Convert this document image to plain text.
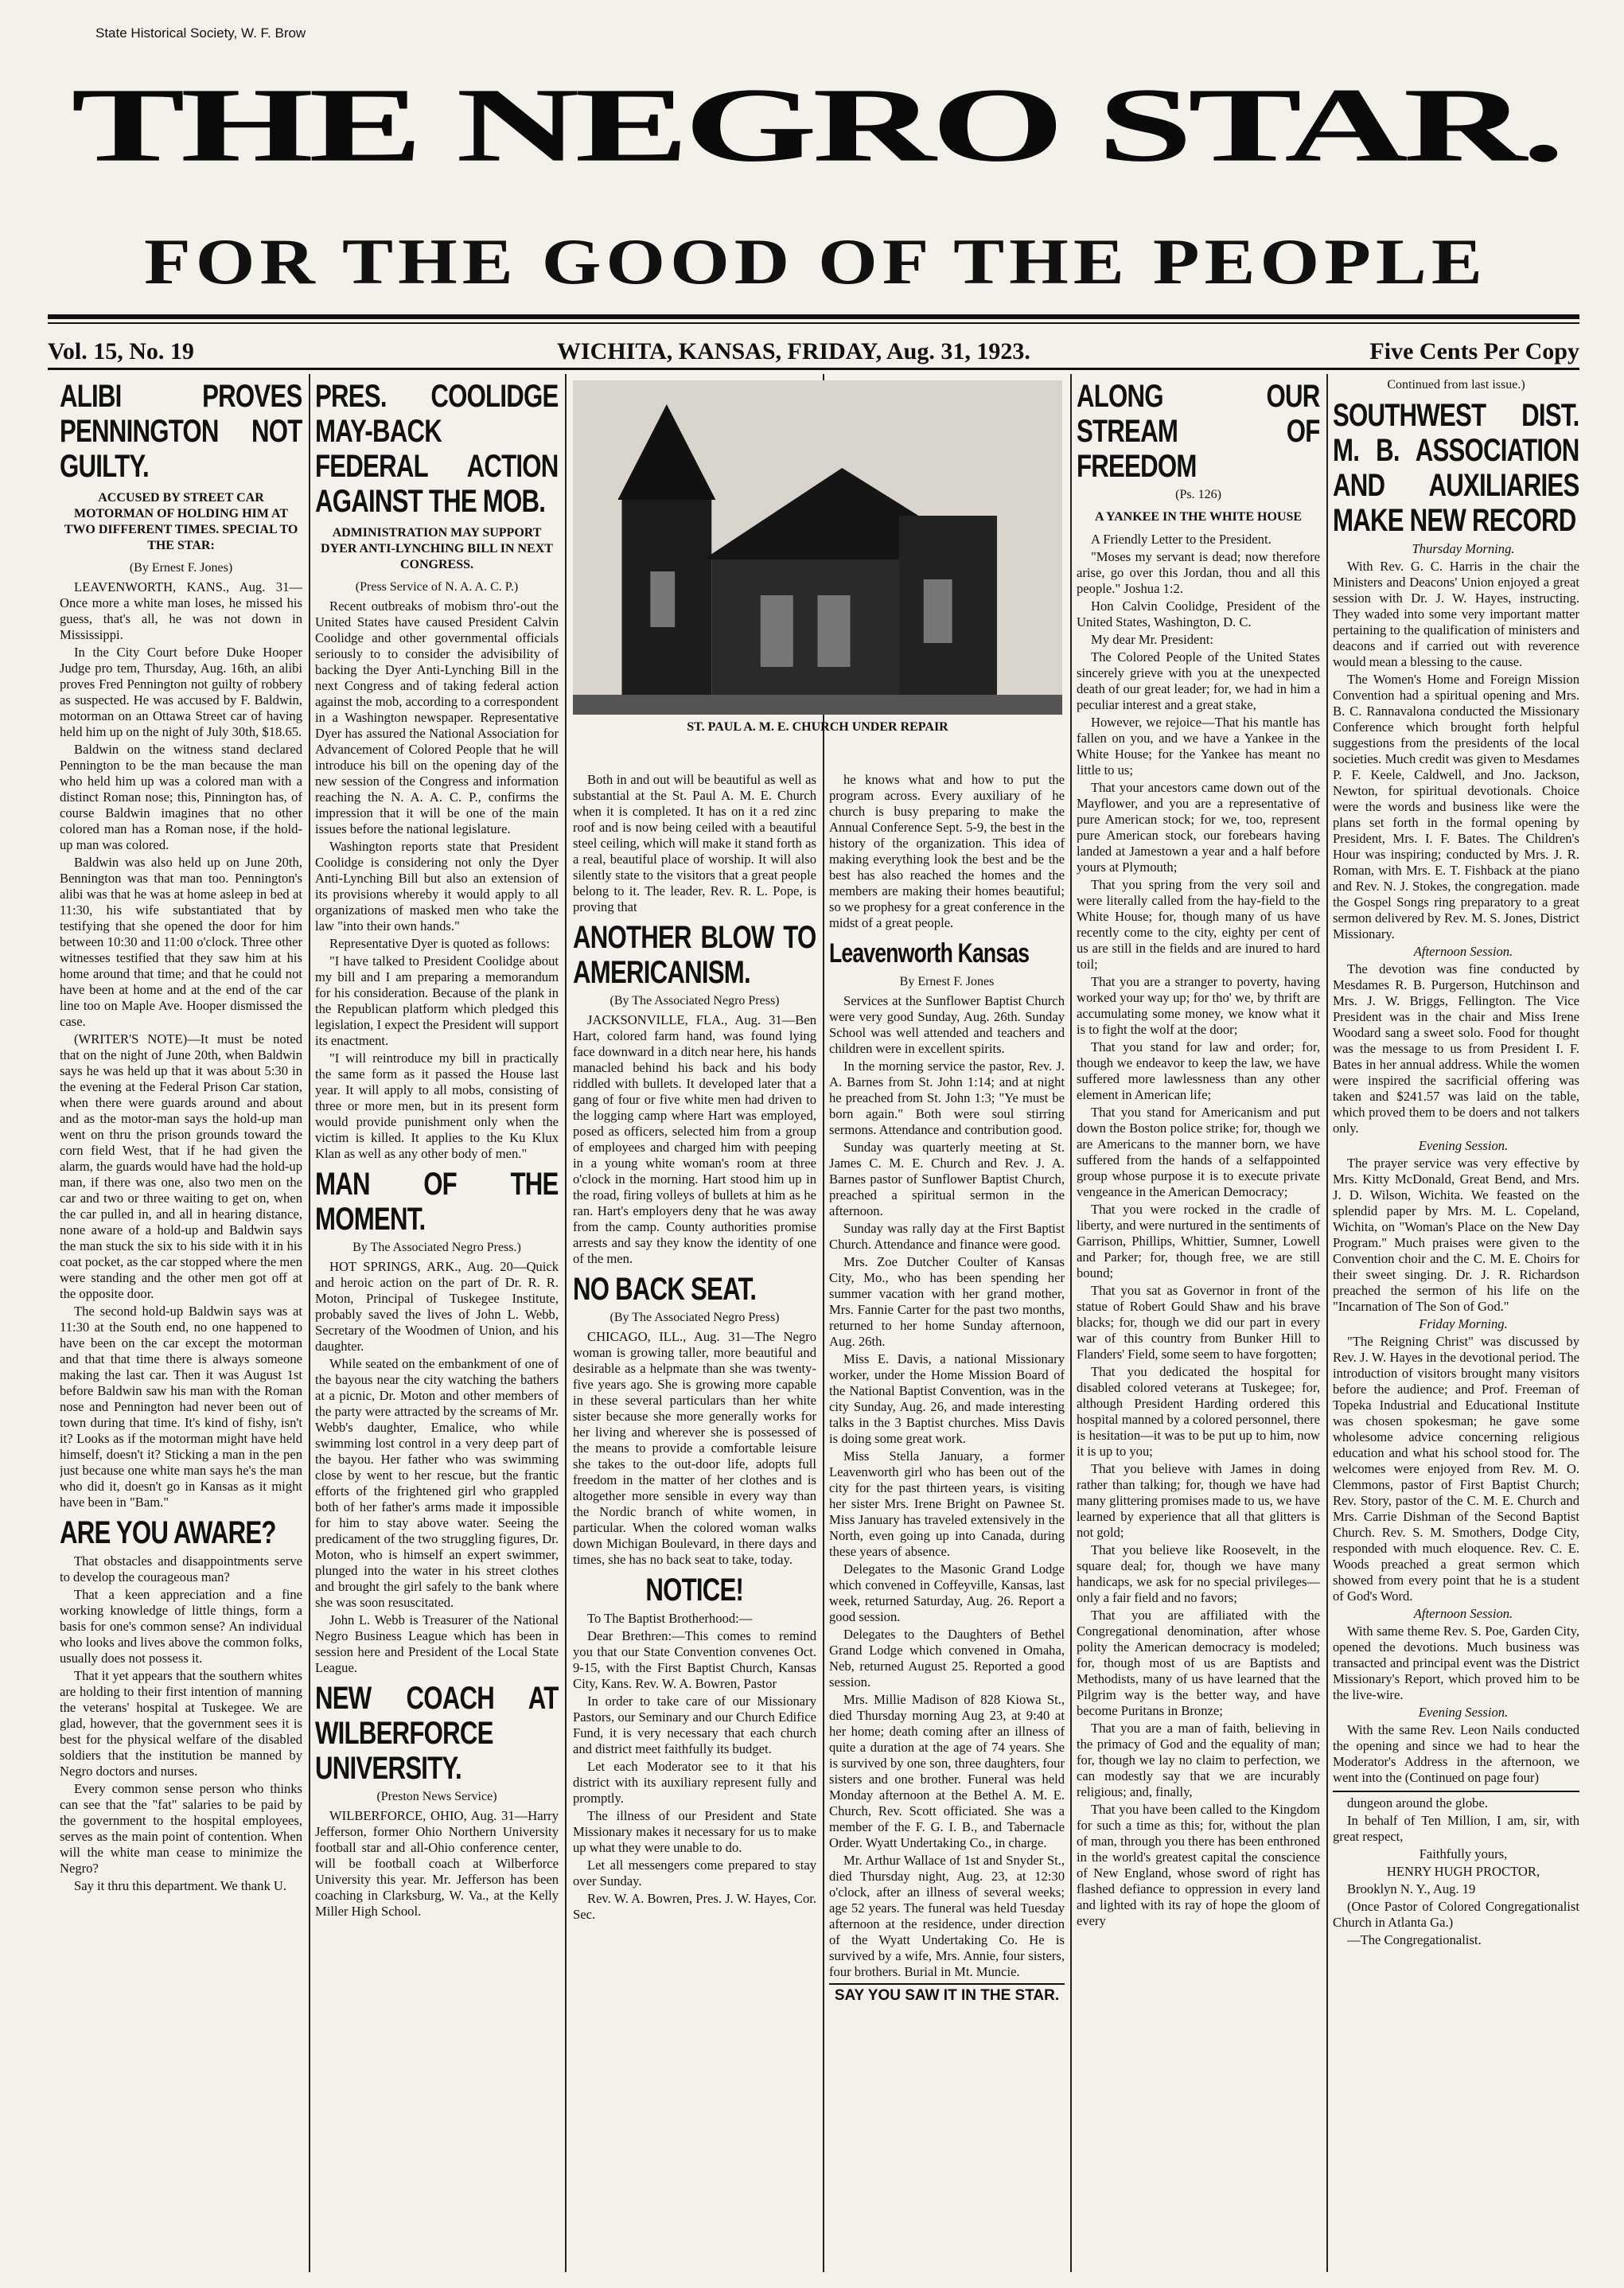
State Historical Society, W. F. Brow
THE NEGRO STAR.
FOR THE GOOD OF THE PEOPLE
Vol. 15, No. 19	WICHITA, KANSAS, FRIDAY, Aug. 31, 1923.	Five Cents Per Copy
ALIBI PROVES PENNINGTON NOT GUILTY.
ACCUSED BY STREET CAR MOTORMAN OF HOLDING HIM AT TWO DIFFERENT TIMES. SPECIAL TO THE STAR:
(By Ernest F. Jones)

LEAVENWORTH, KANS., Aug. 31—Once more a white man loses, he missed his guess, that's all, he was not down in Mississippi.

In the City Court before Duke Hooper Judge pro tem, Thursday, Aug. 16th, an alibi proves Fred Pennington not guilty of robbery as suspected. He was accused by F. Baldwin, motorman on an Ottawa Street car of having held him up on the night of July 30th, $18.65.

Baldwin on the witness stand declared Pennington to be the man because the man who held him up was a colored man with a distinct Roman nose; this, Pinnington has, of course Baldwin imagines that no other colored man has a Roman nose, if the hold-up man was colored.

Baldwin was also held up on June 20th, Bennington was that man too. Pennington's alibi was that he was at home asleep in bed at 11:30, his wife substantiated that by testifying that she opened the door for him between 10:30 and 11:00 o'clock. Three other witnesses testified that they saw him at his home around that time; and that he could not have been at home and at the end of the car line too on Maple Ave. Hooper dismissed the case.

(WRITER'S NOTE)—It must be noted that on the night of June 20th, when Baldwin says he was held up that it was about 5:30 in the evening at the Federal Prison Car station, when there were guards around and about and as the motor-man says the hold-up man went on thru the prison grounds toward the corn field West, that if he had given the alarm, the guards would have had the hold-up man, if there was one, also two men on the car and two or three waiting to get on, when the car pulled in, and all in hearing distance, none aware of a hold-up and Baldwin says the man stuck the six to his side with it in his coat pocket, as the car stopped where the men were standing and the other men got off at the opposite door.

The second hold-up Baldwin says was at 11:30 at the South end, no one happened to have been on the car except the motorman and that that time there is always someone making the last car. Then it was August 1st before Baldwin saw his man with the Roman nose and Pennington had never been out of town during that time. It's kind of fishy, isn't it? Looks as if the motorman might have held himself, doesn't it? Sticking a man in the pen just because one white man says he's the man who did it, doesn't go in Kansas as it might have been in "Bam."

ARE YOU AWARE?

That obstacles and disappointments serve to develop the courageous man?

That a keen appreciation and a fine working knowledge of little things, form a basis for one's common sense? An individual who looks and lives above the common folks, usually does not possess it.

That it yet appears that the southern whites are holding to their first intention of manning the veterans' hospital at Tuskegee. We are glad, however, that the government sees it is best for the physical welfare of the disabled soldiers that the institution be manned by Negro doctors and nurses.

Every common sense person who thinks can see that the "fat" salaries to be paid by the government to the hospital employees, serves as the main point of contention. When will the white man cease to minimize the Negro?

Say it thru this department. We thank U.

PRES. COOLIDGE MAY-BACK FEDERAL ACTION AGAINST THE MOB.
ADMINISTRATION MAY SUPPORT DYER ANTI-LYNCHING BILL IN NEXT CONGRESS.
(Press Service of N. A. A. C. P.)

Recent outbreaks of mobism thro'-out the United States have caused President Calvin Coolidge and other governmental officials seriously to to consider the advisibility of backing the Dyer Anti-Lynching Bill in the next Congress and of taking federal action against the mob, according to a correspondent in a Washington newspaper. Representative Dyer has assured the National Association for Advancement of Colored People that he will introduce his bill on the opening day of the new session of the Congress and information reaching the N. A. A. C. P., confirms the impression that it will be one of the main issues before the national legislature.

Washington reports state that President Coolidge is considering not only the Dyer Anti-Lynching Bill but also an extension of its provisions whereby it would apply to all organizations of masked men who take the law "into their own hands."

Representative Dyer is quoted as follows:

"I have talked to President Coolidge about my bill and I am preparing a memorandum for his consideration. Because of the plank in the Republican platform which pledged this legislation, I expect the President will support its enactment.

"I will reintroduce my bill in practically the same form as it passed the House last year. It will apply to all mobs, consisting of three or more men, but in its present form would provide punishment only when the victim is killed. It applies to the Ku Klux Klan as well as any other body of men."

MAN OF THE MOMENT.
By The Associated Negro Press.)

HOT SPRINGS, ARK., Aug. 20—Quick and heroic action on the part of Dr. R. R. Moton, Principal of Tuskegee Institute, probably saved the lives of John L. Webb, Secretary of the Woodmen of Union, and his daughter.

While seated on the embankment of one of the bayous near the city watching the bathers at a picnic, Dr. Moton and other members of the party were attracted by the screams of Mr. Webb's daughter, Emalice, who while swimming lost control in a very deep part of the bayou. Her father who was swimming close by went to her rescue, but the frantic efforts of the frightened girl who grappled both of her father's arms made it impossible for him to stay above water. Seeing the predicament of the two struggling figures, Dr. Moton, who is himself an expert swimmer, plunged into the water in his street clothes and brought the girl safely to the bank where she was soon resuscitated.

John L. Webb is Treasurer of the National Negro Business League which has been in session here and President of the Local State League.

NEW COACH AT WILBERFORCE UNIVERSITY.
(Preston News Service)

WILBERFORCE, OHIO, Aug. 31—Harry Jefferson, former Ohio Northern University football star and all-Ohio conference center, will be football coach at Wilberforce University this year. Mr. Jefferson has been coaching in Clarksburg, W. Va., at the Kelly Miller High School.

ST. PAUL A. M. E. CHURCH UNDER REPAIR

Both in and out will be beautiful as well as substantial at the St. Paul A. M. E. Church when it is completed. It has on it a red zinc roof and is now being ceiled with a beautiful steel ceiling, which will make it stand forth as a real, beautiful place of worship. It will also silently state to the visitors that a great people belong to it. The leader, Rev. R. L. Pope, is proving that

ANOTHER BLOW TO AMERICANISM.
(By The Associated Negro Press)

JACKSONVILLE, FLA., Aug. 31—Ben Hart, colored farm hand, was found lying face downward in a ditch near here, his hands manacled behind his back and his body riddled with bullets. It developed later that a gang of four or five white men had driven to the logging camp where Hart was employed, posed as officers, selected him from a group of employees and charged him with peeping in a young white woman's room at three o'clock in the morning. Hart stood him up in the road, firing volleys of bullets at him as he ran. Hart's employers deny that he was away from the camp. County authorities promise arrests and say they know the identity of one of the men.

NO BACK SEAT.
(By The Associated Negro Press)

CHICAGO, ILL., Aug. 31—The Negro woman is growing taller, more beautiful and desirable as a helpmate than she was twenty-five years ago. She is growing more capable in these several particulars than her white sister because she more generally works for her living and wherever she is possessed of the means to provide a comfortable leisure she takes to the out-door life, adopts full freedom in the matter of her clothes and is altogether more sensible in every way than the Nordic branch of white women, in particular. When the colored woman walks down Michigan Boulevard, in there days and times, she has no back seat to take, today.

NOTICE!

To The Baptist Brotherhood:—

Dear Brethren:—This comes to remind you that our State Convention convenes Oct. 9-15, with the First Baptist Church, Kansas City, Kans. Rev. W. A. Bowren, Pastor

In order to take care of our Missionary Pastors, our Seminary and our Church Edifice Fund, it is very necessary that each church and district meet faithfully its budget.

Let each Moderator see to it that his district with its auxiliary represent fully and promptly.

The illness of our President and State Missionary makes it necessary for us to make up what they were unable to do.

Let all messengers come prepared to stay over Sunday.

Rev. W. A. Bowren, Pres. J. W. Hayes, Cor. Sec.

he knows what and how to put the program across. Every auxiliary of he church is busy preparing to make the Annual Conference Sept. 5-9, the best in the history of the organization. This idea of making everything look the best and be the best has also reached the homes and the members are making their homes beautiful; so we prophesy for a great conference in the midst of a great people.

Leavenworth Kansas
By Ernest F. Jones

Services at the Sunflower Baptist Church were very good Sunday, Aug. 26th. Sunday School was well attended and teachers and children were in excellent spirits.

In the morning service the pastor, Rev. J. A. Barnes from St. John 1:14; and at night he preached from St. John 1:3; "Ye must be born again." Both were soul stirring sermons. Attendance and contribution good.

Sunday was quarterly meeting at St. James C. M. E. Church and Rev. J. A. Barnes pastor of Sunflower Baptist Church, preached a spiritual sermon in the afternoon.

Sunday was rally day at the First Baptist Church. Attendance and finance were good.

Mrs. Zoe Dutcher Coulter of Kansas City, Mo., who has been spending her summer vacation with her grand mother, Mrs. Fannie Carter for the past two months, returned to her home Sunday afternoon, Aug. 26th.

Miss E. Davis, a national Missionary worker, under the Home Mission Board of the National Baptist Convention, was in the city Sunday, Aug. 26, and made interesting talks in the 3 Baptist churches. Miss Davis is doing some great work.

Miss Stella January, a former Leavenworth girl who has been out of the city for the past thirteen years, is visiting her sister Mrs. Irene Bright on Pawnee St. Miss January has traveled extensively in the North, even going up into Canada, during these years of absence.

Delegates to the Masonic Grand Lodge which convened in Coffeyville, Kansas, last week, returned Saturday, Aug. 26. Report a good session.

Delegates to the Daughters of Bethel Grand Lodge which convened in Omaha, Neb, returned August 25. Reported a good session.

Mrs. Millie Madison of 828 Kiowa St., died Thursday morning Aug 23, at 9:40 at her home; death coming after an illness of quite a duration at the age of 74 years. She is survived by one son, three daughters, four sisters and one brother. Funeral was held Monday afternoon at the Bethel A. M. E. Church, Rev. Scott officiated. She was a member of the F. G. I. B., and Tabernacle Order. Wyatt Undertaking Co., in charge.

Mr. Arthur Wallace of 1st and Snyder St., died Thursday night, Aug. 23, at 12:30 o'clock, after an illness of several weeks; age 52 years. The funeral was held Tuesday afternoon at the residence, under direction of the Wyatt Undertaking Co. He is survived by a wife, Mrs. Annie, four sisters, four brothers. Burial in Mt. Muncie.

SAY YOU SAW IT IN THE STAR.
ALONG OUR STREAM OF FREEDOM
(Ps. 126)
A YANKEE IN THE WHITE HOUSE

A Friendly Letter to the President.

"Moses my servant is dead; now therefore arise, go over this Jordan, thou and all this people." Joshua 1:2.

Hon Calvin Coolidge, President of the United States, Washington, D. C.

My dear Mr. President:

The Colored People of the United States sincerely grieve with you at the unexpected death of our great leader; for, we had in him a peculiar interest and a great stake,

However, we rejoice—That his mantle has fallen on you, and we have a Yankee in the White House; for the Yankee has meant no little to us;

That your ancestors came down out of the Mayflower, and you are a representative of pure American stock; for we, too, represent pure American stock, our forebears having landed at Jamestown a year and a half before yours at Plymouth;

That you spring from the very soil and were literally called from the hay-field to the White House; for, though many of us have recently come to the city, eighty per cent of us are still in the fields and are inured to hard toil;

That you are a stranger to poverty, having worked your way up; for tho' we, by thrift are accumulating some money, we know what it is to fight the wolf at the door;

That you stand for law and order; for, though we endeavor to keep the law, we have suffered more lawlessness than any other element in American life;

That you stand for Americanism and put down the Boston police strike; for, though we are Americans to the manner born, we have suffered from the hands of a selfappointed group whose purpose it is to execute private vengeance in the American Democracy;

That you were rocked in the cradle of liberty, and were nurtured in the sentiments of Garrison, Phillips, Whittier, Sumner, Lowell and Parker; for, though free, we are still bound;

That you sat as Governor in front of the statue of Robert Gould Shaw and his brave blacks; for, though we did our part in every war of this country from Bunker Hill to Flanders' Field, some seem to have forgotten;

That you dedicated the hospital for disabled colored veterans at Tuskegee; for, although President Harding ordered this hospital manned by a colored personnel, there is hesitation—it was to be put up to him, now it is up to you;

That you believe with James in doing rather than talking; for, though we have had many glittering promises made to us, we have learned by experience that all that glitters is not gold;

That you believe like Roosevelt, in the square deal; for, though we have many handicaps, we ask for no special privileges—only a fair field and no favors;

That you are affiliated with the Congregational denomination, after whose polity the American democracy is modeled; for, though most of us are Baptists and Methodists, many of us have learned that the Pilgrim way is the better way, and have become Puritans in Bronze;

That you are a man of faith, believing in the primacy of God and the equality of man; for, though we lay no claim to perfection, we can modestly say that we are incurably religious; and, finally,

That you have been called to the Kingdom for such a time as this; for, without the plan of man, through you there has been enthroned in the world's greatest capital the conscience of New England, whose sword of right has flashed defiance to oppression in every land and lighted with its ray of hope the gloom of every

Continued from last issue.)
SOUTHWEST DIST. M. B. ASSOCIATION AND AUXILIARIES MAKE NEW RECORD

Thursday Morning.

With Rev. G. C. Harris in the chair the Ministers and Deacons' Union enjoyed a great session with Dr. J. W. Hayes, instructing. They waded into some very important matter pertaining to the qualification of ministers and deacons and if carried out with reverence would mean a blessing to the cause.

The Women's Home and Foreign Mission Convention had a spiritual opening and Mrs. B. C. Rannavalona conducted the Missionary Conference which brought forth helpful suggestions from the presidents of the local societies. Much credit was given to Mesdames P. F. Keele, Caldwell, and Jno. Jackson, Newton, for spiritual devotionals. Choice were the words and business like were the plans set forth in the formal opening by President, Mrs. I. F. Bates. The Children's Hour was inspiring; conducted by Mrs. J. R. Roman, with Mrs. E. T. Fishback at the piano and Rev. N. J. Stokes, the congregation. made the Gospel Songs ring preparatory to a great sermon delivered by Rev. M. S. Jones, District Missionary.

Afternoon Session.

The devotion was fine conducted by Mesdames R. B. Purgerson, Hutchinson and Mrs. J. W. Briggs, Fellington. The Vice President was in the chair and Miss Irene Woodard sang a sweet solo. Food for thought was the message to us from President I. F. Bates in her annual address. While the women were inspired the sacrificial offering was taken and $241.57 was laid on the table, which proved them to be doers and not talkers only.

Evening Session.

The prayer service was very effective by Mrs. Kitty McDonald, Great Bend, and Mrs. J. D. Wilson, Wichita. We feasted on the splendid paper by Mrs. M. L. Copeland, Wichita, on "Woman's Place on the New Day Program." Much praises were given to the Convention choir and the C. M. E. Choirs for their sweet singing. Dr. J. R. Richardson preached the sermon of his life on the "Incarnation of The Son of God."

Friday Morning.

"The Reigning Christ" was discussed by Rev. J. W. Hayes in the devotional period. The introduction of visitors brought many visitors before the audience; and Prof. Freeman of Topeka Industrial and Educational Institute was chosen spokesman; he gave some wholesome advice concerning religious education and what his school stood for. The welcomes were enjoyed from Rev. M. O. Clemmons, pastor of First Baptist Church; Rev. Story, pastor of the C. M. E. Church and Mrs. Carrie Dishman of the Second Baptist Church. Rev. S. M. Smothers, Dodge City, responded with much eloquence. Rev. C. E. Woods preached a great sermon which showed from every point that he is a student of God's Word.

Afternoon Session.

With same theme Rev. S. Poe, Garden City, opened the devotions. Much business was transacted and principal event was the District Missionary's Report, which proved him to be the live-wire.

Evening Session.

With the same Rev. Leon Nails conducted the opening and since we had to hear the Moderator's Address in the afternoon, we went into the (Continued on page four)

dungeon around the globe.

In behalf of Ten Million, I am, sir, with great respect,

Faithfully yours,

HENRY HUGH PROCTOR,

Brooklyn N. Y., Aug. 19

(Once Pastor of Colored Congregationalist Church in Atlanta Ga.)

—The Congregationalist.
